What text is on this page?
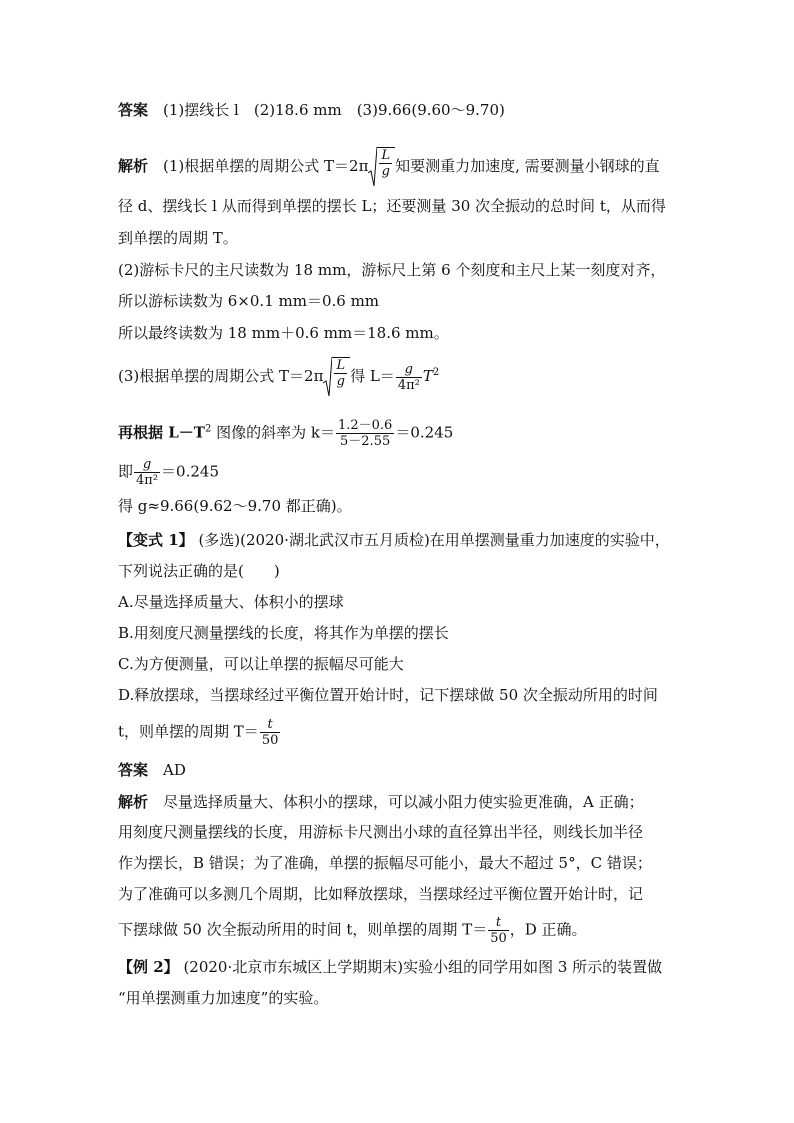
答案　 (1)摆线长 l　(2)18.6 mm　(3)9.66(9.60～9.70)
解析　 (1)根据单摆的周期公式 $T=2\pi \frac{L}{g}$ 知要测重力加速度, 需要测量小钢球的直
径 d、摆线长 l 从而得到单摆的摆长 L；还要测量 30 次全振动的总时间 t，从而得
到单摆的周期 T。
(2)游标卡尺的主尺读数为 18 mm，游标尺上第 6 个刻度和主尺上某一刻度对齐，
所以游标读数为 6×0.1 mm＝0.6 mm
所以最终读数为 18 mm＋0.6 mm＝18.6 mm。
(3)根据单摆的周期公式 $T=2\pi \frac{L}{g}$ 得 $L= \frac{g}{\text{4π²}} T^2$
再根据 $L-T^2$ 图像的斜率为 $k= \frac{1.2-0.6}{5-2.55} =0.245$
即 $\frac{g}{\text{4π²}} =0.245$
得 g≈9.66(9.62～9.70 都正确)。
【变式 1】 (多选)(2020·湖北武汉市五月质检)在用单摆测量重力加速度的实验中，
下列说法正确的是(　　)
A.尽量选择质量大、体积小的摆球
B.用刻度尺测量摆线的长度，将其作为单摆的摆长
C.为方便测量，可以让单摆的振幅尽可能大
D.释放摆球，当摆球经过平衡位置开始计时，记下摆球做 50 次全振动所用的时间
t，则单摆的周期 $T= \frac{t}{50}$
答案　 AD
解析　 尽量选择质量大、体积小的摆球，可以减小阻力使实验更准确，A 正确；
用刻度尺测量摆线的长度，用游标卡尺测出小球的直径算出半径，则线长加半径
作为摆长，B 错误；为了准确，单摆的振幅尽可能小，最大不超过 5°，C 错误；
为了准确可以多测几个周期，比如释放摆球，当摆球经过平衡位置开始计时，记
下摆球做 50 次全振动所用的时间 t，则单摆的周期 $T= \frac{t}{50}$ ，D 正确。
【例 2】 (2020·北京市东城区上学期期末)实验小组的同学用如图 3 所示的装置做
“用单摆测重力加速度”的实验。
